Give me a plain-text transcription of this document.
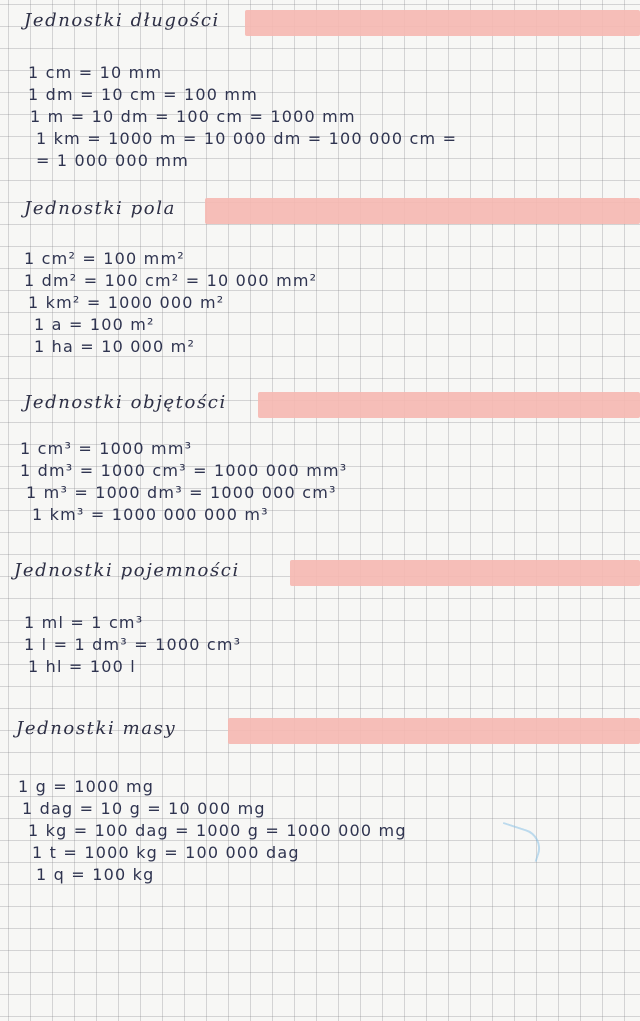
Jednostki długości
1 cm = 10 mm
1 dm = 10 cm = 100 mm
1 m = 10 dm = 100 cm = 1000 mm
1 km = 1000 m = 10 000 dm = 100 000 cm =
= 1 000 000 mm
Jednostki pola
1 cm² = 100 mm²
1 dm² = 100 cm² = 10 000 mm²
1 km² = 1000 000 m²
1 a = 100 m²
1 ha = 10 000 m²
Jednostki objętości
1 cm³ = 1000 mm³
1 dm³ = 1000 cm³ = 1000 000 mm³
1 m³ = 1000 dm³ = 1000 000 cm³
1 km³ = 1000 000 000 m³
Jednostki pojemności
1 ml = 1 cm³
1 l = 1 dm³ = 1000 cm³
1 hl = 100 l
Jednostki masy
1 g = 1000 mg
1 dag = 10 g = 10 000 mg
1 kg = 100 dag = 1000 g = 1000 000 mg
1 t = 1000 kg = 100 000 dag
1 q = 100 kg
